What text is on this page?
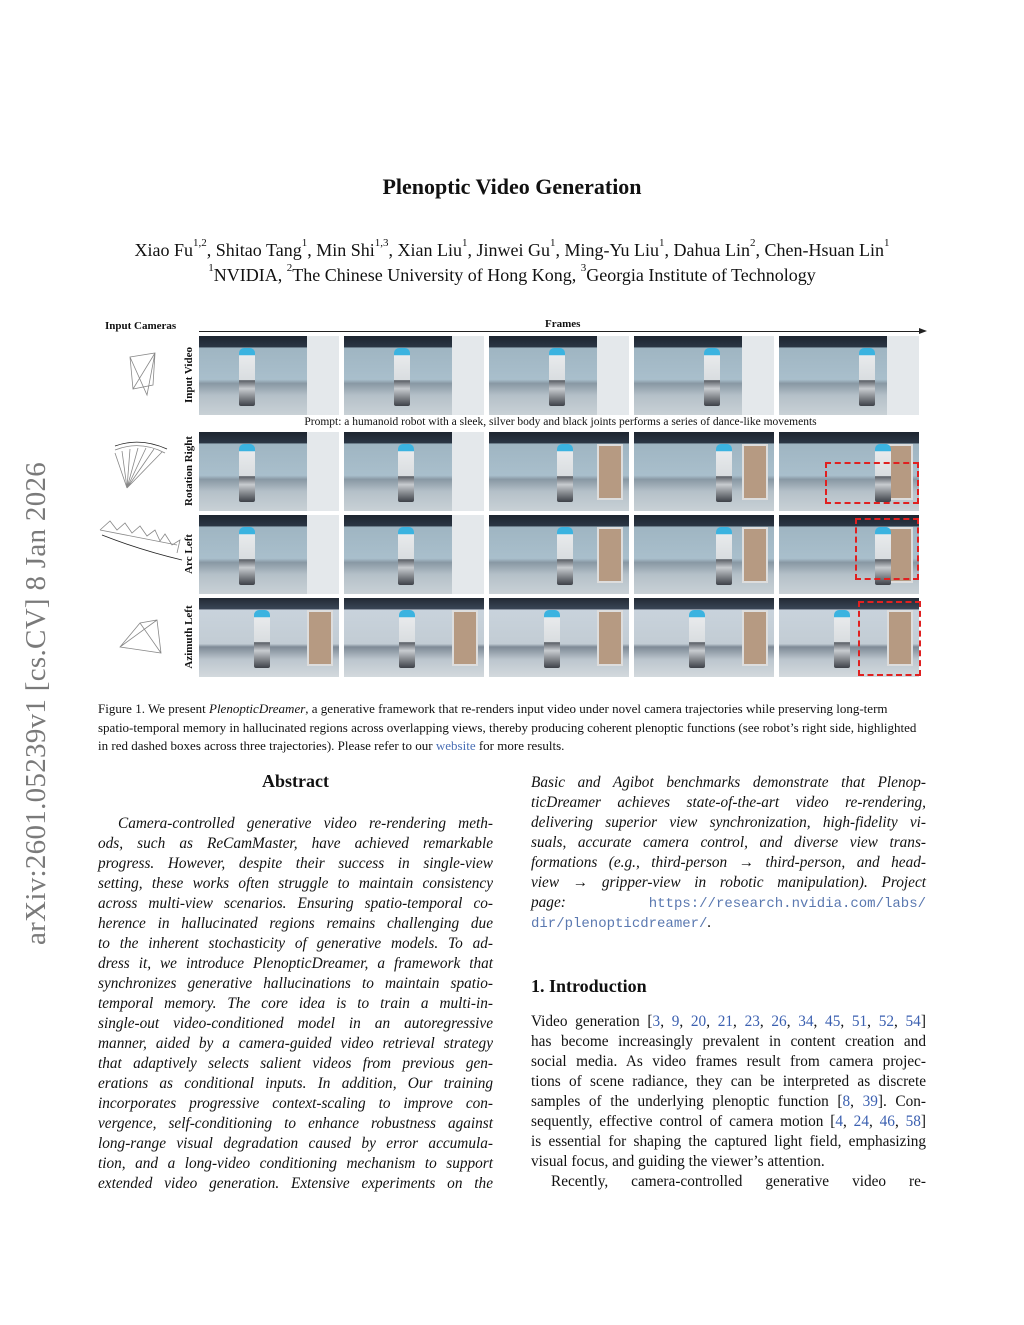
arXiv:2601.05239v1 [cs.CV] 8 Jan 2026
Plenoptic Video Generation
Xiao Fu$^{1,2}$, Shitao Tang$^1$, Min Shi$^{1,3}$, Xian Liu$^1$, Jinwei Gu$^1$, Ming-Yu Liu$^1$, Dahua Lin$^2$, Chen-Hsuan Lin$^1$
$^1$NVIDIA, $^2$The Chinese University of Hong Kong, $^3$Georgia Institute of Technology
Input Cameras	Frames
Input Video
Rotation Right
Arc Left
Azimuth Left
Prompt: a humanoid robot with a sleek, silver body and black joints performs a series of dance-like movements
Figure 1. We present PlenopticDreamer, a generative framework that re-renders input video under novel camera trajectories while preserving long-term spatio-temporal memory in hallucinated regions across overlapping views, thereby producing coherent plenoptic functions (see robot’s right side, highlighted in red dashed boxes across three trajectories). Please refer to our website for more results.
Abstract
Camera-controlled generative video re-rendering meth-
ods, such as ReCamMaster, have achieved remarkable
progress. However, despite their success in single-view
setting, these works often struggle to maintain consistency
across multi-view scenarios. Ensuring spatio-temporal co-
herence in hallucinated regions remains challenging due
to the inherent stochasticity of generative models. To ad-
dress it, we introduce PlenopticDreamer, a framework that
synchronizes generative hallucinations to maintain spatio-
temporal memory. The core idea is to train a multi-in-
single-out video-conditioned model in an autoregressive
manner, aided by a camera-guided video retrieval strategy
that adaptively selects salient videos from previous gen-
erations as conditional inputs. In addition, Our training
incorporates progressive context-scaling to improve con-
vergence, self-conditioning to enhance robustness against
long-range visual degradation caused by error accumula-
tion, and a long-video conditioning mechanism to support
extended video generation. Extensive experiments on the
Basic and Agibot benchmarks demonstrate that Plenop-
ticDreamer achieves state-of-the-art video re-rendering,
delivering superior view synchronization, high-fidelity vi-
suals, accurate camera control, and diverse view trans-
formations (e.g., third-person → third-person, and head-
view → gripper-view in robotic manipulation). Project
page: https://research.nvidia.com/labs/
dir/plenopticdreamer/.
1. Introduction
Video generation [3, 9, 20, 21, 23, 26, 34, 45, 51, 52, 54]
has become increasingly prevalent in content creation and
social media. As video frames result from camera projec-
tions of scene radiance, they can be interpreted as discrete
samples of the underlying plenoptic function [8, 39]. Con-
sequently, effective control of camera motion [4, 24, 46, 58]
is essential for shaping the captured light field, emphasizing
visual focus, and guiding the viewer’s attention.
Recently, camera-controlled generative video re-
